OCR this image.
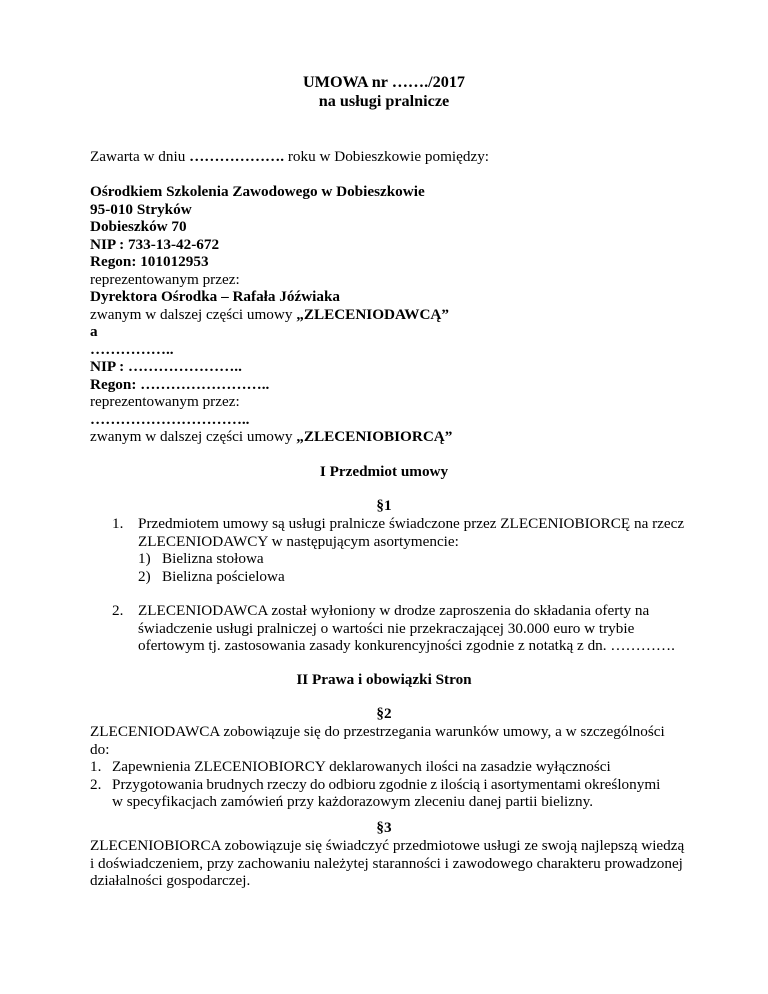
UMOWA nr ……./2017
na usługi pralnicze
Zawarta w dniu ………………. roku w Dobieszkowie pomiędzy:
Ośrodkiem Szkolenia Zawodowego w Dobieszkowie
95-010 Stryków
Dobieszków 70
NIP : 733-13-42-672
Regon: 101012953
reprezentowanym przez:
Dyrektora Ośrodka – Rafała Jóźwiaka
zwanym w dalszej części umowy „ZLECENIODAWCĄ”
a
……………..
NIP : …………………..
Regon: ……………………..
reprezentowanym przez:
…………………………..
zwanym w dalszej części umowy „ZLECENIOBIORCĄ”
I Przedmiot umowy
§1
1. Przedmiotem umowy są usługi pralnicze świadczone przez ZLECENIOBIORCĘ na rzecz
ZLECENIODAWCY w następującym asortymencie:
1) Bielizna stołowa
2) Bielizna pościelowa
2. ZLECENIODAWCA został wyłoniony w drodze zaproszenia do składania oferty na
świadczenie usługi pralniczej o wartości nie przekraczającej 30.000 euro w trybie
ofertowym tj. zastosowania zasady konkurencyjności zgodnie z notatką z dn. ………….
II Prawa i obowiązki Stron
§2
ZLECENIODAWCA zobowiązuje się do przestrzegania warunków umowy, a w szczególności
do:
1. Zapewnienia ZLECENIOBIORCY deklarowanych ilości na zasadzie wyłączności
2. Przygotowania brudnych rzeczy do odbioru zgodnie z ilością i asortymentami określonymi
w specyfikacjach zamówień przy każdorazowym zleceniu danej partii bielizny.
§3
ZLECENIOBIORCA zobowiązuje się świadczyć przedmiotowe usługi ze swoją najlepszą wiedzą
i doświadczeniem, przy zachowaniu należytej staranności i zawodowego charakteru prowadzonej
działalności gospodarczej.
